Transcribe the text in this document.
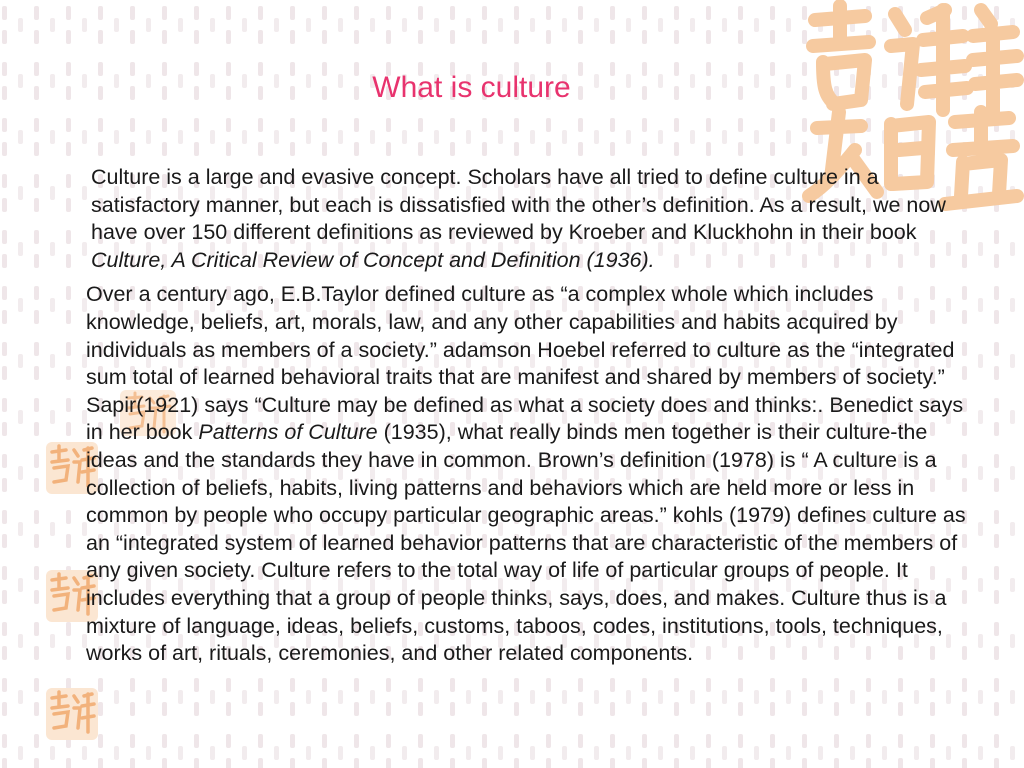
What is culture

Culture is a large and evasive concept. Scholars have all tried to define culture in a satisfactory manner, but each is dissatisfied with the other’s definition. As a result, we now have over 150 different definitions as reviewed by Kroeber and Kluckhohn in their book Culture, A Critical Review of Concept and Definition (1936).

Over a century ago, E.B.Taylor defined culture as “a complex whole which includes knowledge, beliefs, art, morals, law, and any other capabilities and habits acquired by individuals as members of a society.” adamson Hoebel referred to culture as the “integrated sum total of learned behavioral traits that are manifest and shared by members of society.” Sapir(1921) says “Culture may be defined as what a society does and thinks:. Benedict says in her book Patterns of Culture (1935), what really binds men together is their culture-the ideas and the standards they have in common. Brown’s definition (1978) is “ A culture is a collection of beliefs, habits, living patterns and behaviors which are held more or less in common by people who occupy particular geographic areas.” kohls (1979) defines culture as an “integrated system of learned behavior patterns that are characteristic of the members of any given society. Culture refers to the total way of life of particular groups of people. It includes everything that a group of people thinks, says, does, and makes. Culture thus is a mixture of language, ideas, beliefs, customs, taboos, codes, institutions, tools, techniques, works of art, rituals, ceremonies, and other related components.
